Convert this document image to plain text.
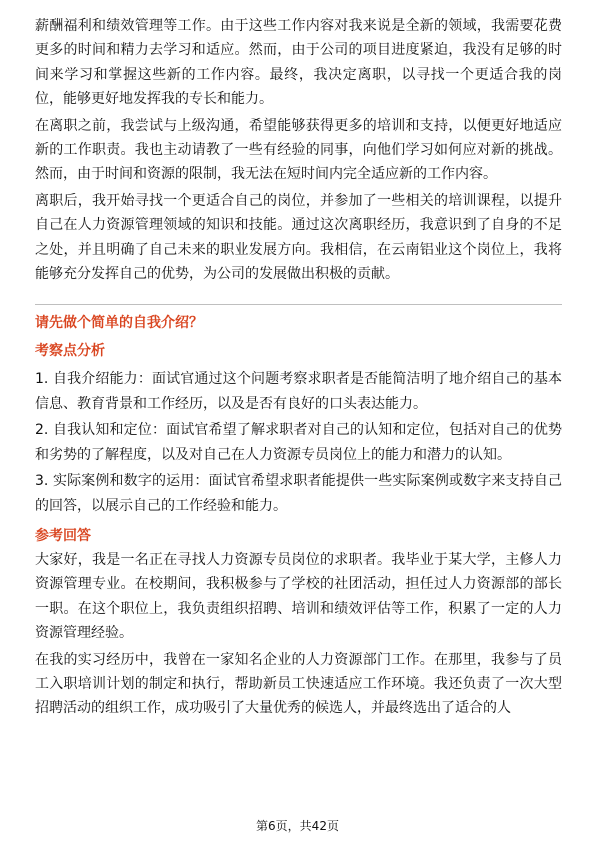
薪酬福利和绩效管理等工作。由于这些工作内容对我来说是全新的领域，我需要花费更多的时间和精力去学习和适应。然而，由于公司的项目进度紧迫，我没有足够的时间来学习和掌握这些新的工作内容。最终，我决定离职，以寻找一个更适合我的岗位，能够更好地发挥我的专长和能力。

在离职之前，我尝试与上级沟通，希望能够获得更多的培训和支持，以便更好地适应新的工作职责。我也主动请教了一些有经验的同事，向他们学习如何应对新的挑战。然而，由于时间和资源的限制，我无法在短时间内完全适应新的工作内容。

离职后，我开始寻找一个更适合自己的岗位，并参加了一些相关的培训课程，以提升自己在人力资源管理领域的知识和技能。通过这次离职经历，我意识到了自身的不足之处，并且明确了自己未来的职业发展方向。我相信，在云南铝业这个岗位上，我将能够充分发挥自己的优势，为公司的发展做出积极的贡献。

请先做个简单的自我介绍？
考察点分析

1. 自我介绍能力：面试官通过这个问题考察求职者是否能简洁明了地介绍自己的基本信息、教育背景和工作经历，以及是否有良好的口头表达能力。

2. 自我认知和定位：面试官希望了解求职者对自己的认知和定位，包括对自己的优势和劣势的了解程度，以及对自己在人力资源专员岗位上的能力和潜力的认知。

3. 实际案例和数字的运用：面试官希望求职者能提供一些实际案例或数字来支持自己的回答，以展示自己的工作经验和能力。

参考回答

大家好，我是一名正在寻找人力资源专员岗位的求职者。我毕业于某大学，主修人力资源管理专业。在校期间，我积极参与了学校的社团活动，担任过人力资源部的部长一职。在这个职位上，我负责组织招聘、培训和绩效评估等工作，积累了一定的人力资源管理经验。

在我的实习经历中，我曾在一家知名企业的人力资源部门工作。在那里，我参与了员工入职培训计划的制定和执行，帮助新员工快速适应工作环境。我还负责了一次大型招聘活动的组织工作，成功吸引了大量优秀的候选人，并最终选出了适合的人

第6页，共42页
